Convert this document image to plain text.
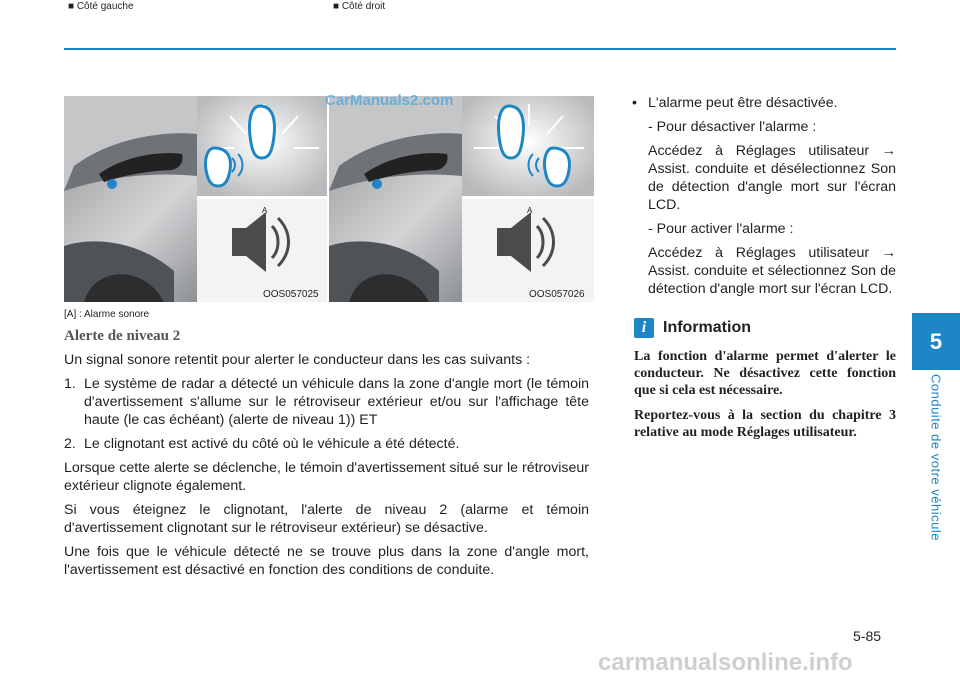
5
Conduite de votre véhicule
■ Côté gauche	■ Côté droit
A	A
OOS057025	OOS057026
CarManuals2.com
[A] : Alarme sonore
Alerte de niveau 2

Un signal sonore retentit pour alerter le conducteur dans les cas suivants :

1. Le système de radar a détecté un véhicule dans la zone d'angle mort (le témoin d'avertissement s'allume sur le rétroviseur extérieur et/ou sur l'affichage tête haute (le cas échéant) (alerte de niveau 1)) ET
2. Le clignotant est activé du côté où le véhicule a été détecté.

Lorsque cette alerte se déclenche, le témoin d'avertissement situé sur le rétroviseur extérieur clignote également.

Si vous éteignez le clignotant, l'alerte de niveau 2 (alarme et témoin d'avertissement clignotant sur le rétroviseur extérieur) se désactive.

Une fois que le véhicule détecté ne se trouve plus dans la zone d'angle mort, l'avertissement est désactivé en fonction des conditions de conduite.

• L'alarme peut être désactivée.
- Pour désactiver l'alarme :
Accédez à Réglages utilisateur → Assist. conduite et désélectionnez Son de détection d'angle mort sur l'écran LCD.
- Pour activer l'alarme :
Accédez à Réglages utilisateur → Assist. conduite et sélectionnez Son de détection d'angle mort sur l'écran LCD.
i	Information

La fonction d'alarme permet d'alerter le conducteur. Ne désactivez cette fonction que si cela est nécessaire.

Reportez-vous à la section du chapitre 3 relative au mode Réglages utilisateur.

5-85
carmanualsonline.info
